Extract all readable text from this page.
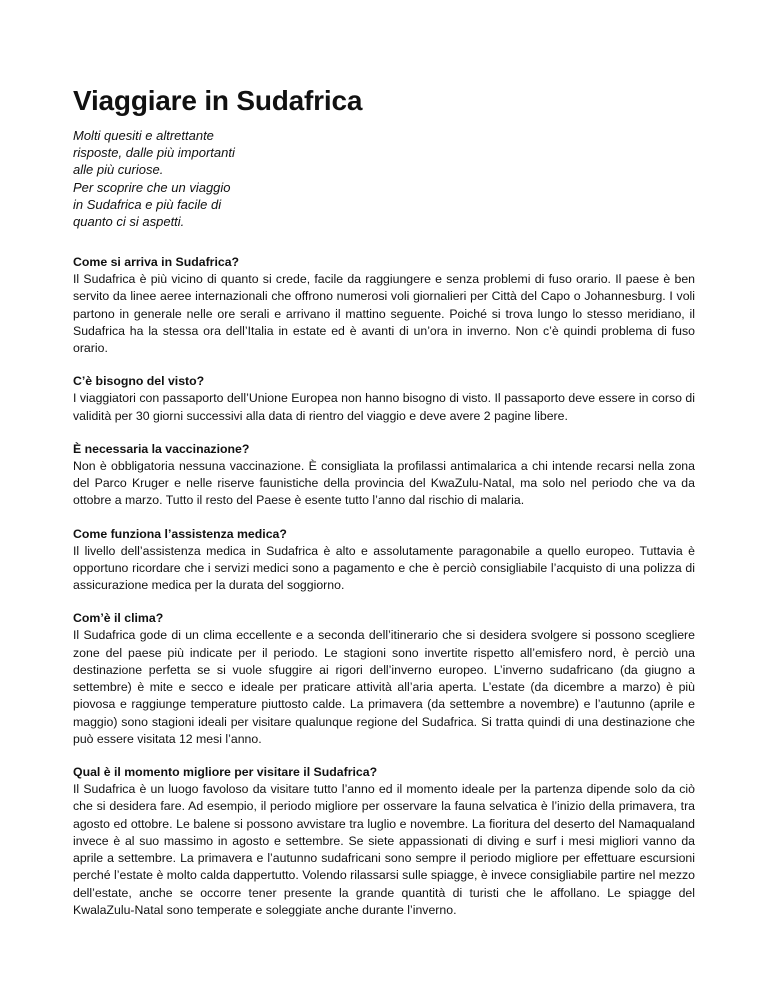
Viaggiare in Sudafrica
Molti quesiti e altrettante
risposte, dalle più importanti
alle più curiose.
Per scoprire che un viaggio
in Sudafrica e più facile di
quanto ci si aspetti.

Come si arriva in Sudafrica?

Il Sudafrica è più vicino di quanto si crede, facile da raggiungere e senza problemi di fuso orario. Il paese è ben servito da linee aeree internazionali che offrono numerosi voli giornalieri per Città del Capo o Johannesburg. I voli partono in generale nelle ore serali e arrivano il mattino seguente. Poiché si trova lungo lo stesso meridiano, il Sudafrica ha la stessa ora dell’Italia in estate ed è avanti di un’ora in inverno. Non c’è quindi problema di fuso orario.

C’è bisogno del visto?

I viaggiatori con passaporto dell’Unione Europea non hanno bisogno di visto. Il passaporto deve essere in corso di validità per 30 giorni successivi alla data di rientro del viaggio e deve avere 2 pagine libere.

È necessaria la vaccinazione?

Non è obbligatoria nessuna vaccinazione. È consigliata la profilassi antimalarica a chi intende recarsi nella zona del Parco Kruger e nelle riserve faunistiche della provincia del KwaZulu-Natal, ma solo nel periodo che va da ottobre a marzo. Tutto il resto del Paese è esente tutto l’anno dal rischio di malaria.

Come funziona l’assistenza medica?

Il livello dell’assistenza medica in Sudafrica è alto e assolutamente paragonabile a quello europeo. Tuttavia è opportuno ricordare che i servizi medici sono a pagamento e che è perciò consigliabile l’acquisto di una polizza di assicurazione medica per la durata del soggiorno.

Com’è il clima?

Il Sudafrica gode di un clima eccellente e a seconda dell’itinerario che si desidera svolgere si possono scegliere zone del paese più indicate per il periodo. Le stagioni sono invertite rispetto all’emisfero nord, è perciò una destinazione perfetta se si vuole sfuggire ai rigori dell’inverno europeo. L’inverno sudafricano (da giugno a settembre) è mite e secco e ideale per praticare attività all’aria aperta. L’estate (da dicembre a marzo) è più piovosa e raggiunge temperature piuttosto calde. La primavera (da settembre a novembre) e l’autunno (aprile e maggio) sono stagioni ideali per visitare qualunque regione del Sudafrica. Si tratta quindi di una destinazione che può essere visitata 12 mesi l’anno.

Qual è il momento migliore per visitare il Sudafrica?

Il Sudafrica è un luogo favoloso da visitare tutto l’anno ed il momento ideale per la partenza dipende solo da ciò che si desidera fare. Ad esempio, il periodo migliore per osservare la fauna selvatica è l’inizio della primavera, tra agosto ed ottobre. Le balene si possono avvistare tra luglio e novembre. La fioritura del deserto del Namaqualand invece è al suo massimo in agosto e settembre. Se siete appassionati di diving e surf i mesi migliori vanno da aprile a settembre. La primavera e l’autunno sudafricani sono sempre il periodo migliore per effettuare escursioni perché l’estate è molto calda dappertutto. Volendo rilassarsi sulle spiagge, è invece consigliabile partire nel mezzo dell’estate, anche se occorre tener presente la grande quantità di turisti che le affollano. Le spiagge del KwalaZulu-Natal sono temperate e soleggiate anche durante l’inverno.
